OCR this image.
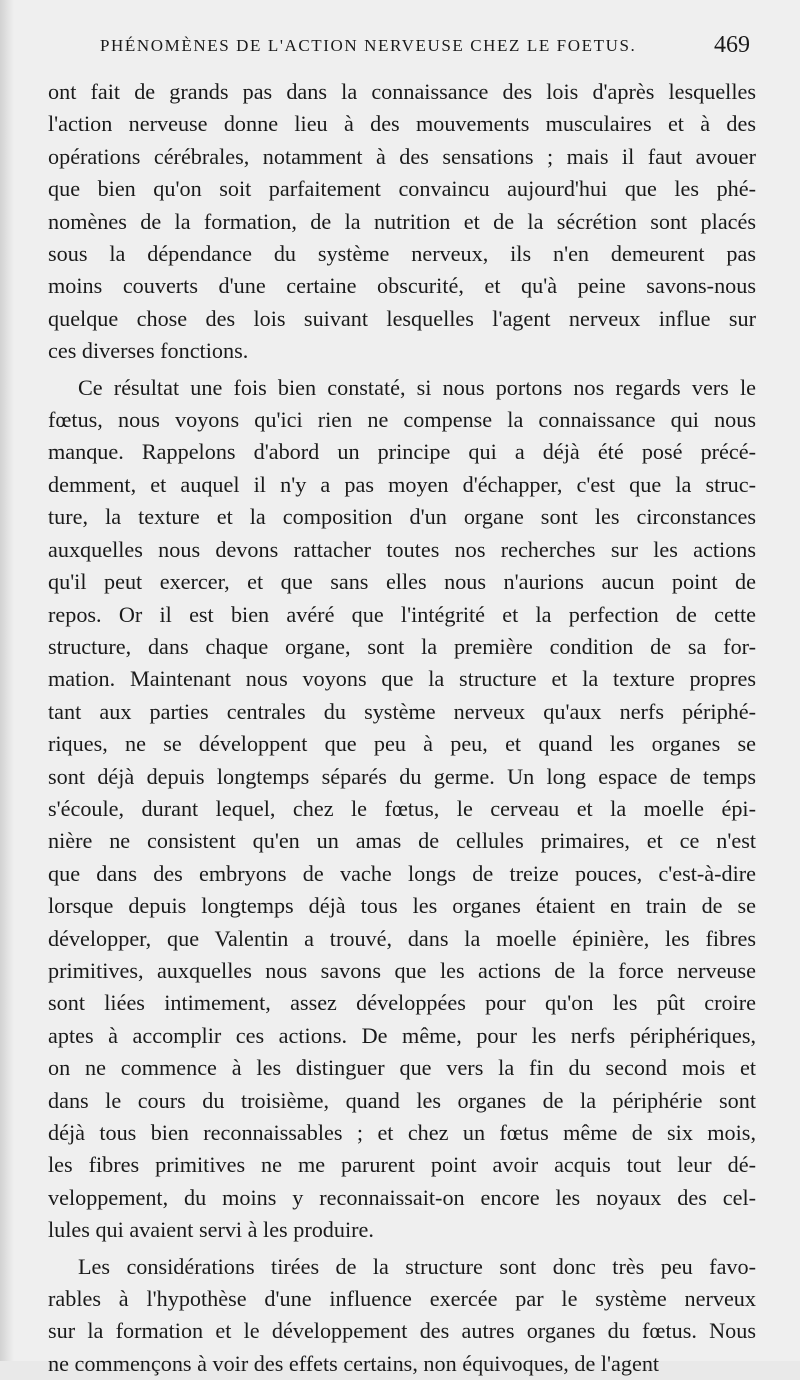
PHÉNOMÈNES DE L'ACTION NERVEUSE CHEZ LE FOETUS.	469

ont fait de grands pas dans la connaissance des lois d'après lesquelles
l'action nerveuse donne lieu à des mouvements musculaires et à des
opérations cérébrales, notamment à des sensations ; mais il faut avouer
que bien qu'on soit parfaitement convaincu aujourd'hui que les phé-
nomènes de la formation, de la nutrition et de la sécrétion sont placés
sous la dépendance du système nerveux, ils n'en demeurent pas
moins couverts d'une certaine obscurité, et qu'à peine savons-nous
quelque chose des lois suivant lesquelles l'agent nerveux influe sur
ces diverses fonctions.

Ce résultat une fois bien constaté, si nous portons nos regards vers le
fœtus, nous voyons qu'ici rien ne compense la connaissance qui nous
manque. Rappelons d'abord un principe qui a déjà été posé précé-
demment, et auquel il n'y a pas moyen d'échapper, c'est que la struc-
ture, la texture et la composition d'un organe sont les circonstances
auxquelles nous devons rattacher toutes nos recherches sur les actions
qu'il peut exercer, et que sans elles nous n'aurions aucun point de
repos. Or il est bien avéré que l'intégrité et la perfection de cette
structure, dans chaque organe, sont la première condition de sa for-
mation. Maintenant nous voyons que la structure et la texture propres
tant aux parties centrales du système nerveux qu'aux nerfs périphé-
riques, ne se développent que peu à peu, et quand les organes se
sont déjà depuis longtemps séparés du germe. Un long espace de temps
s'écoule, durant lequel, chez le fœtus, le cerveau et la moelle épi-
nière ne consistent qu'en un amas de cellules primaires, et ce n'est
que dans des embryons de vache longs de treize pouces, c'est-à-dire
lorsque depuis longtemps déjà tous les organes étaient en train de se
développer, que Valentin a trouvé, dans la moelle épinière, les fibres
primitives, auxquelles nous savons que les actions de la force nerveuse
sont liées intimement, assez développées pour qu'on les pût croire
aptes à accomplir ces actions. De même, pour les nerfs périphériques,
on ne commence à les distinguer que vers la fin du second mois et
dans le cours du troisième, quand les organes de la périphérie sont
déjà tous bien reconnaissables ; et chez un fœtus même de six mois,
les fibres primitives ne me parurent point avoir acquis tout leur dé-
veloppement, du moins y reconnaissait-on encore les noyaux des cel-
lules qui avaient servi à les produire.

Les considérations tirées de la structure sont donc très peu favo-
rables à l'hypothèse d'une influence exercée par le système nerveux
sur la formation et le développement des autres organes du fœtus. Nous
ne commençons à voir des effets certains, non équivoques, de l'agent
